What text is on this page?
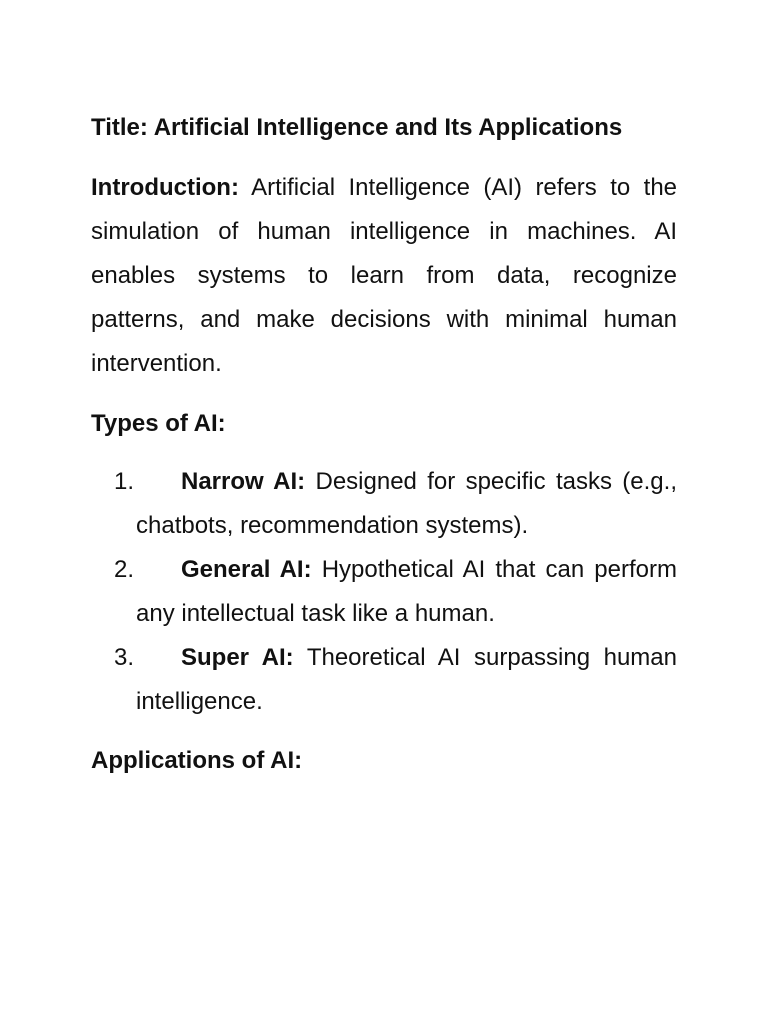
Title: Artificial Intelligence and Its Applications

Introduction: Artificial Intelligence (AI) refers to the simulation of human intelligence in machines. AI enables systems to learn from data, recognize patterns, and make decisions with minimal human intervention.

Types of AI:

1. Narrow AI: Designed for specific tasks (e.g., chatbots, recommendation systems).
2. General AI: Hypothetical AI that can perform any intellectual task like a human.
3. Super AI: Theoretical AI surpassing human intelligence.

Applications of AI:
